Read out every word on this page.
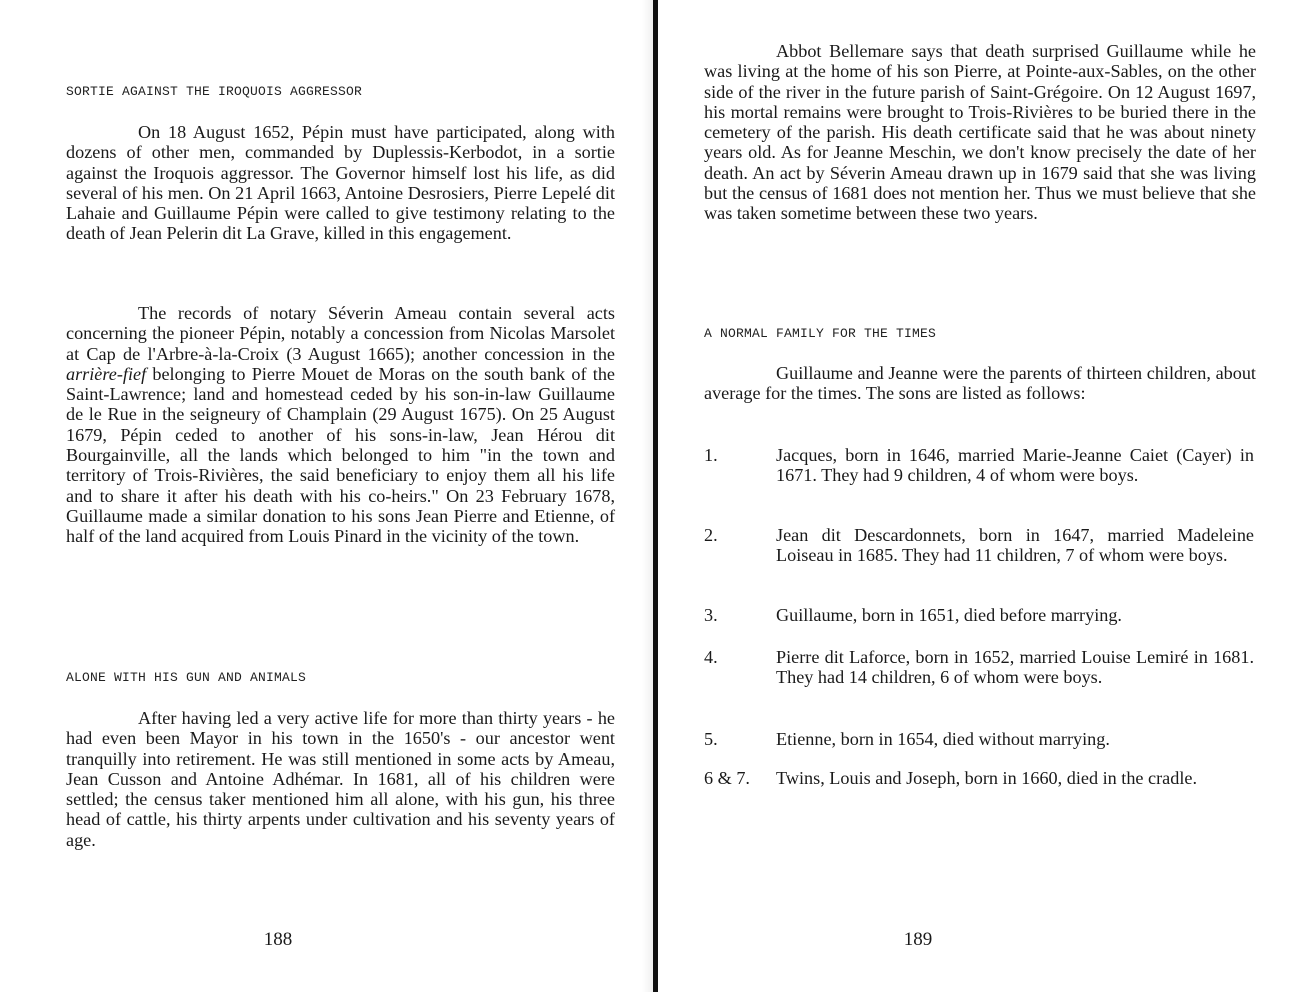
SORTIE AGAINST THE IROQUOIS AGGRESSOR

On 18 August 1652, Pépin must have participated, along with dozens of other men, commanded by Duplessis-Kerbodot, in a sortie against the Iroquois aggressor. The Governor himself lost his life, as did several of his men. On 21 April 1663, Antoine Desrosiers, Pierre Lepelé dit Lahaie and Guillaume Pépin were called to give testimony relating to the death of Jean Pelerin dit La Grave, killed in this engagement.

The records of notary Séverin Ameau contain several acts concerning the pioneer Pépin, notably a concession from Nicolas Marsolet at Cap de l'Arbre-à-la-Croix (3 August 1665); another concession in the arrière-fief belonging to Pierre Mouet de Moras on the south bank of the Saint-Lawrence; land and homestead ceded by his son-in-law Guillaume de le Rue in the seigneury of Champlain (29 August 1675). On 25 August 1679, Pépin ceded to another of his sons-in-law, Jean Hérou dit Bourgainville, all the lands which belonged to him "in the town and territory of Trois-Rivières, the said beneficiary to enjoy them all his life and to share it after his death with his co-heirs." On 23 February 1678, Guillaume made a similar donation to his sons Jean Pierre and Etienne, of half of the land acquired from Louis Pinard in the vicinity of the town.

ALONE WITH HIS GUN AND ANIMALS

After having led a very active life for more than thirty years - he had even been Mayor in his town in the 1650's - our ancestor went tranquilly into retirement. He was still mentioned in some acts by Ameau, Jean Cusson and Antoine Adhémar. In 1681, all of his children were settled; the census taker mentioned him all alone, with his gun, his three head of cattle, his thirty arpents under cultivation and his seventy years of age.

188

Abbot Bellemare says that death surprised Guillaume while he was living at the home of his son Pierre, at Pointe-aux-Sables, on the other side of the river in the future parish of Saint-Grégoire. On 12 August 1697, his mortal remains were brought to Trois-Rivières to be buried there in the cemetery of the parish. His death certificate said that he was about ninety years old. As for Jeanne Meschin, we don't know precisely the date of her death. An act by Séverin Ameau drawn up in 1679 said that she was living but the census of 1681 does not mention her. Thus we must believe that she was taken sometime between these two years.

A NORMAL FAMILY FOR THE TIMES

Guillaume and Jeanne were the parents of thirteen children, about average for the times. The sons are listed as follows:

1.	Jacques, born in 1646, married Marie-Jeanne Caiet (Cayer) in 1671. They had 9 children, 4 of whom were boys.
2.	Jean dit Descardonnets, born in 1647, married Madeleine Loiseau in 1685. They had 11 children, 7 of whom were boys.
3.	Guillaume, born in 1651, died before marrying.
4.	Pierre dit Laforce, born in 1652, married Louise Lemiré in 1681. They had 14 children, 6 of whom were boys.
5.	Etienne, born in 1654, died without marrying.
6 & 7. Twins, Louis and Joseph, born in 1660, died in the cradle.
189
